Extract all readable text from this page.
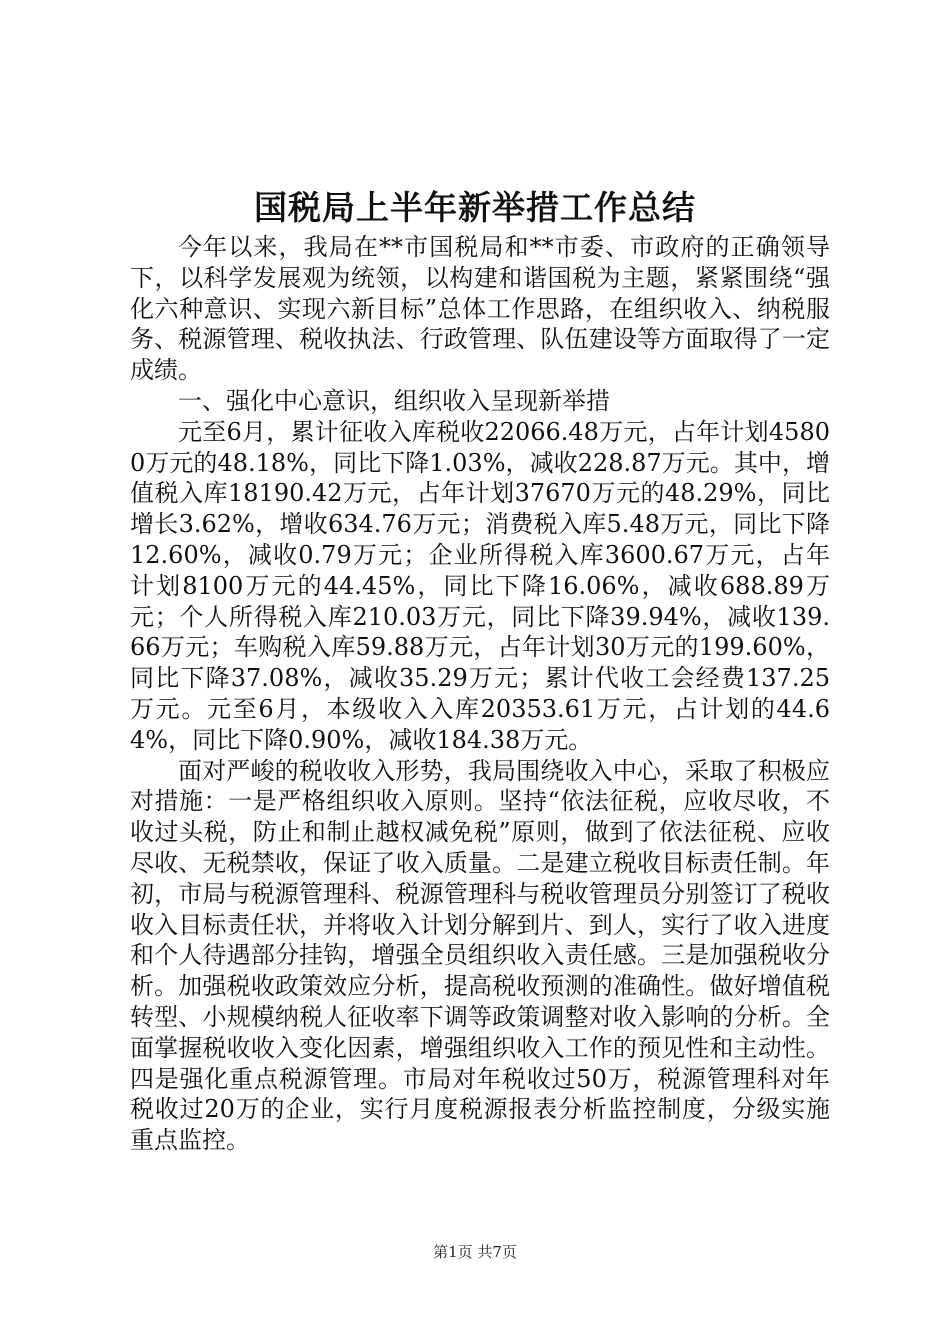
国税局上半年新举措工作总结

今年以来，我局在**市国税局和**市委、市政府的正确领导下，以科学发展观为统领，以构建和谐国税为主题，紧紧围绕“强化六种意识、实现六新目标”总体工作思路，在组织收入、纳税服务、税源管理、税收执法、行政管理、队伍建设等方面取得了一定成绩。

一、强化中心意识，组织收入呈现新举措

元至6月，累计征收入库税收22066.48万元，占年计划45800万元的48.18%，同比下降1.03%，减收228.87万元。其中，增值税入库18190.42万元，占年计划37670万元的48.29%，同比增长3.62%，增收634.76万元；消费税入库5.48万元，同比下降12.60%，减收0.79万元；企业所得税入库3600.67万元，占年计划8100万元的44.45%，同比下降16.06%，减收688.89万元；个人所得税入库210.03万元，同比下降39.94%，减收139.66万元；车购税入库59.88万元，占年计划30万元的199.60%，同比下降37.08%，减收35.29万元；累计代收工会经费137.25万元。元至6月，本级收入入库20353.61万元，占计划的44.64%，同比下降0.90%，减收184.38万元。

面对严峻的税收收入形势，我局围绕收入中心，采取了积极应对措施：一是严格组织收入原则。坚持“依法征税，应收尽收，不收过头税，防止和制止越权减免税”原则，做到了依法征税、应收尽收、无税禁收，保证了收入质量。二是建立税收目标责任制。年初，市局与税源管理科、税源管理科与税收管理员分别签订了税收收入目标责任状，并将收入计划分解到片、到人，实行了收入进度和个人待遇部分挂钩，增强全员组织收入责任感。三是加强税收分析。加强税收政策效应分析，提高税收预测的准确性。做好增值税转型、小规模纳税人征收率下调等政策调整对收入影响的分析。全面掌握税收收入变化因素，增强组织收入工作的预见性和主动性。四是强化重点税源管理。市局对年税收过50万，税源管理科对年税收过20万的企业，实行月度税源报表分析监控制度，分级实施重点监控。

第1页 共7页
